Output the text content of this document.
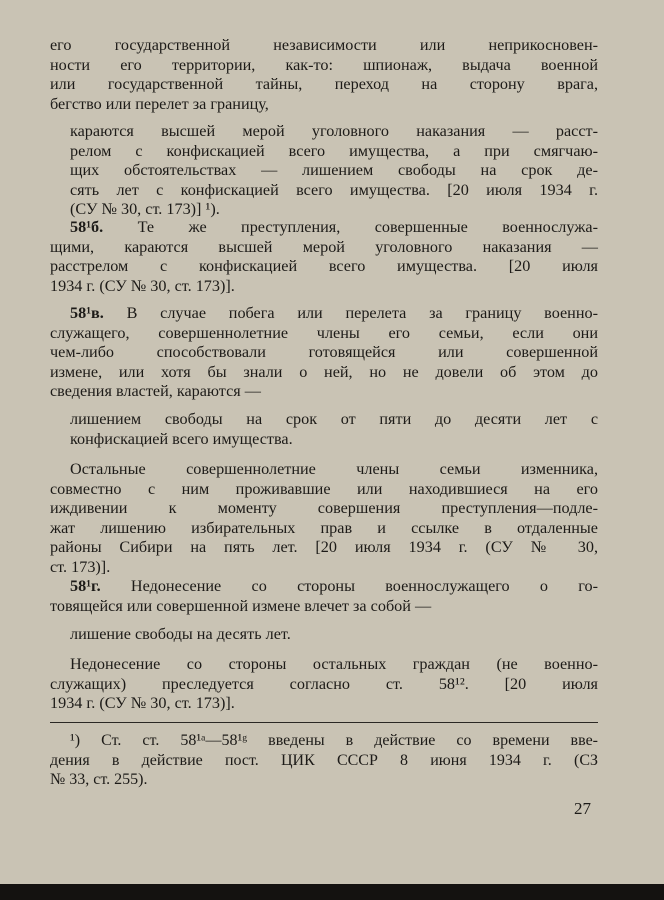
его государственной независимости или неприкосновен-
ности его территории, как-то: шпионаж, выдача военной
или государственной тайны, переход на сторону врага,
бегство или перелет за границу,
караются высшей мерой уголовного наказания — расст-
релом с конфискацией всего имущества, а при смягчаю-
щих обстоятельствах — лишением свободы на срок де-
сять лет с конфискацией всего имущества. [20 июля 1934 г.
(СУ № 30, ст. 173)] ¹).
58¹б. Те же преступления, совершенные военнослужа-
щими, караются высшей мерой уголовного наказания —
расстрелом с конфискацией всего имущества. [20 июля
1934 г. (СУ № 30, ст. 173)].
58¹в. В случае побега или перелета за границу военно-
служащего, совершеннолетние члены его семьи, если они
чем-либо способствовали готовящейся или совершенной
измене, или хотя бы знали о ней, но не довели об этом до
сведения властей, караются —
лишением свободы на срок от пяти до десяти лет с
конфискацией всего имущества.
Остальные совершеннолетние члены семьи изменника,
совместно с ним проживавшие или находившиеся на его
иждивении к моменту совершения преступления—подле-
жат лишению избирательных прав и ссылке в отдаленные
районы Сибири на пять лет. [20 июля 1934 г. (СУ № 30,
ст. 173)].
58¹г. Недонесение со стороны военнослужащего о го-
товящейся или совершенной измене влечет за собой —
лишение свободы на десять лет.
Недонесение со стороны остальных граждан (не военно-
служащих) преследуется согласно ст. 58¹². [20 июля
1934 г. (СУ № 30, ст. 173)].
¹) Ст. ст. 58¹ᵃ—58¹ᵍ введены в действие со времени вве-
дения в действие пост. ЦИК СССР 8 июня 1934 г. (СЗ
№ 33, ст. 255).
27
